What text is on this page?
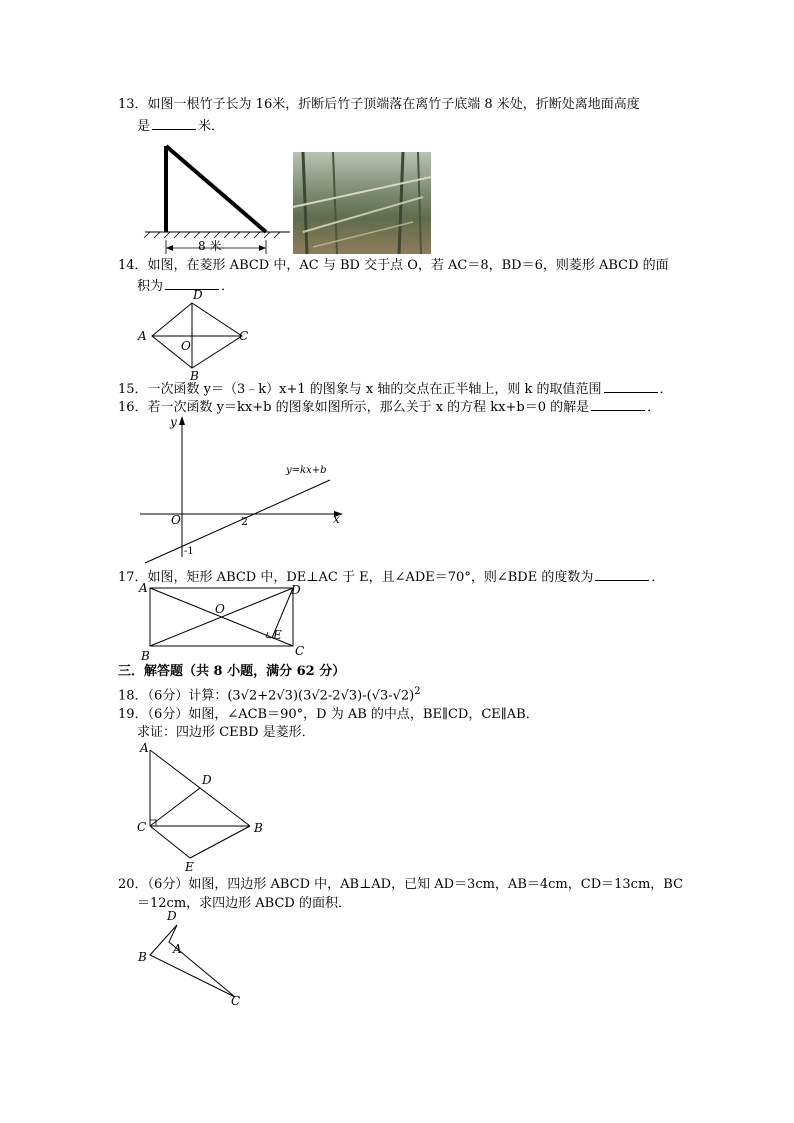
13．如图一根竹子长为 16米，折断后竹子顶端落在离竹子底端 8 米处，折断处离地面高度
是	米．
8 米
14．如图，在菱形 ABCD 中，AC 与 BD 交于点 O，若 AC＝8，BD＝6，则菱形 ABCD 的面
积为	．
A
D
C
B
O
15．一次函数 y＝（3﹣k）x+1 的图象与 x 轴的交点在正半轴上，则 k 的取值范围	．
16．若一次函数 y＝kx+b 的图象如图所示，那么关于 x 的方程 kx+b＝0 的解是	．
y
x
O	2
-1
y=kx+b
17．如图，矩形 ABCD 中，DE⊥AC 于 E，且∠ADE＝70°，则∠BDE 的度数为	．
A	D
B	C
O
E
三．解答题（共 8 小题，满分 62 分）
18．（6分）计算：$(3√2+2√3)(3√2-2√3)-(√3-√2)^2$
19．（6分）如图，∠ACB＝90°，D 为 AB 的中点，BE∥CD，CE∥AB．
求证：四边形 CEBD 是菱形．
A
D
C	B
E
20．（6分）如图，四边形 ABCD 中，AB⊥AD，已知 AD＝3cm，AB＝4cm，CD＝13cm，BC
＝12cm，求四边形 ABCD 的面积．
D
B
A
C
